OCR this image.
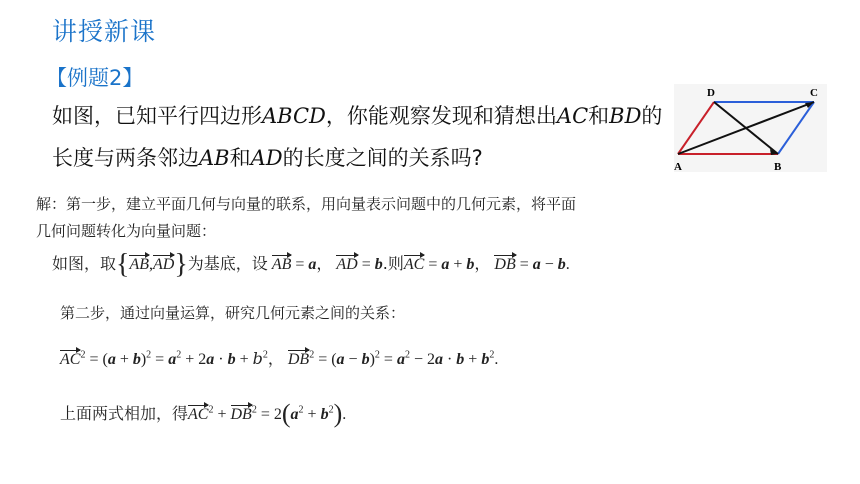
讲授新课
【例题2】
如图，已知平行四边形ABCD，你能观察发现和猜想出AC和BD的
长度与两条邻边AB和AD的长度之间的关系吗?	A	B
C
D
解：第一步，建立平面几何与向量的联系，用向量表示问题中的几何元素，将平面
几何问题转化为向量问题：
如图，取{AB,AD}为基底，设 AB = a， AD = b.则AC = a + b， DB = a − b.
第二步，通过向量运算，研究几何元素之间的关系：
$AC^2 = (a + b)^2 = a^2 + 2a \cdot b + b^2$， $DB^2 = (a - b)^2 = a^2 - 2a \cdot b + b^2$.
上面两式相加，得$AC^2 + DB^2 = 2(a^2 + b^2)$.
